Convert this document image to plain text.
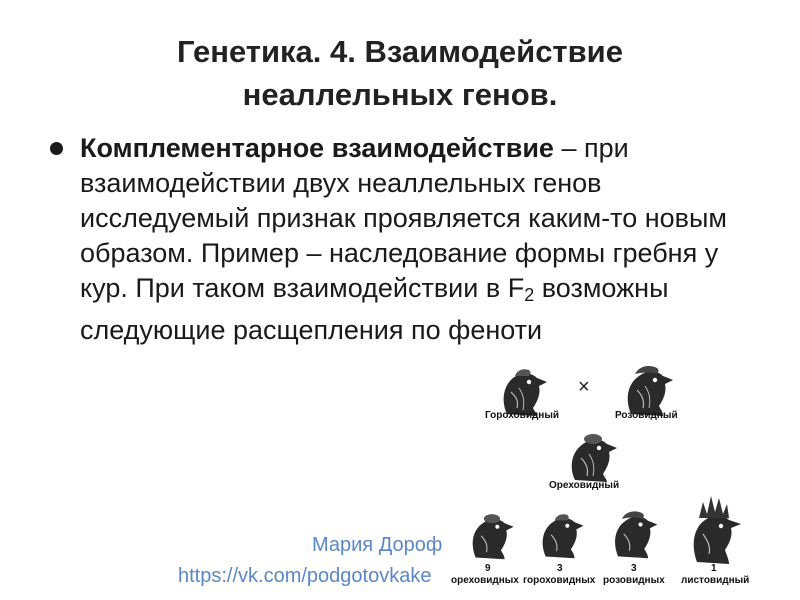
Генетика. 4. Взаимодействие
неаллельных генов.
Комплементарное взаимодействие – при взаимодействии двух неаллельных генов исследуемый признак проявляется каким-то новым образом. Пример – наследование формы гребня у кур. При таком взаимодействии в $F_2$ возможны следующие расщепления по феноти
Мария Дороф
https://vk.com/podgotovkake
×
Гороховидный	Розовидный
Ореховидный
9	3	3	1
ореховидных гороховидных розовидных листовидный
